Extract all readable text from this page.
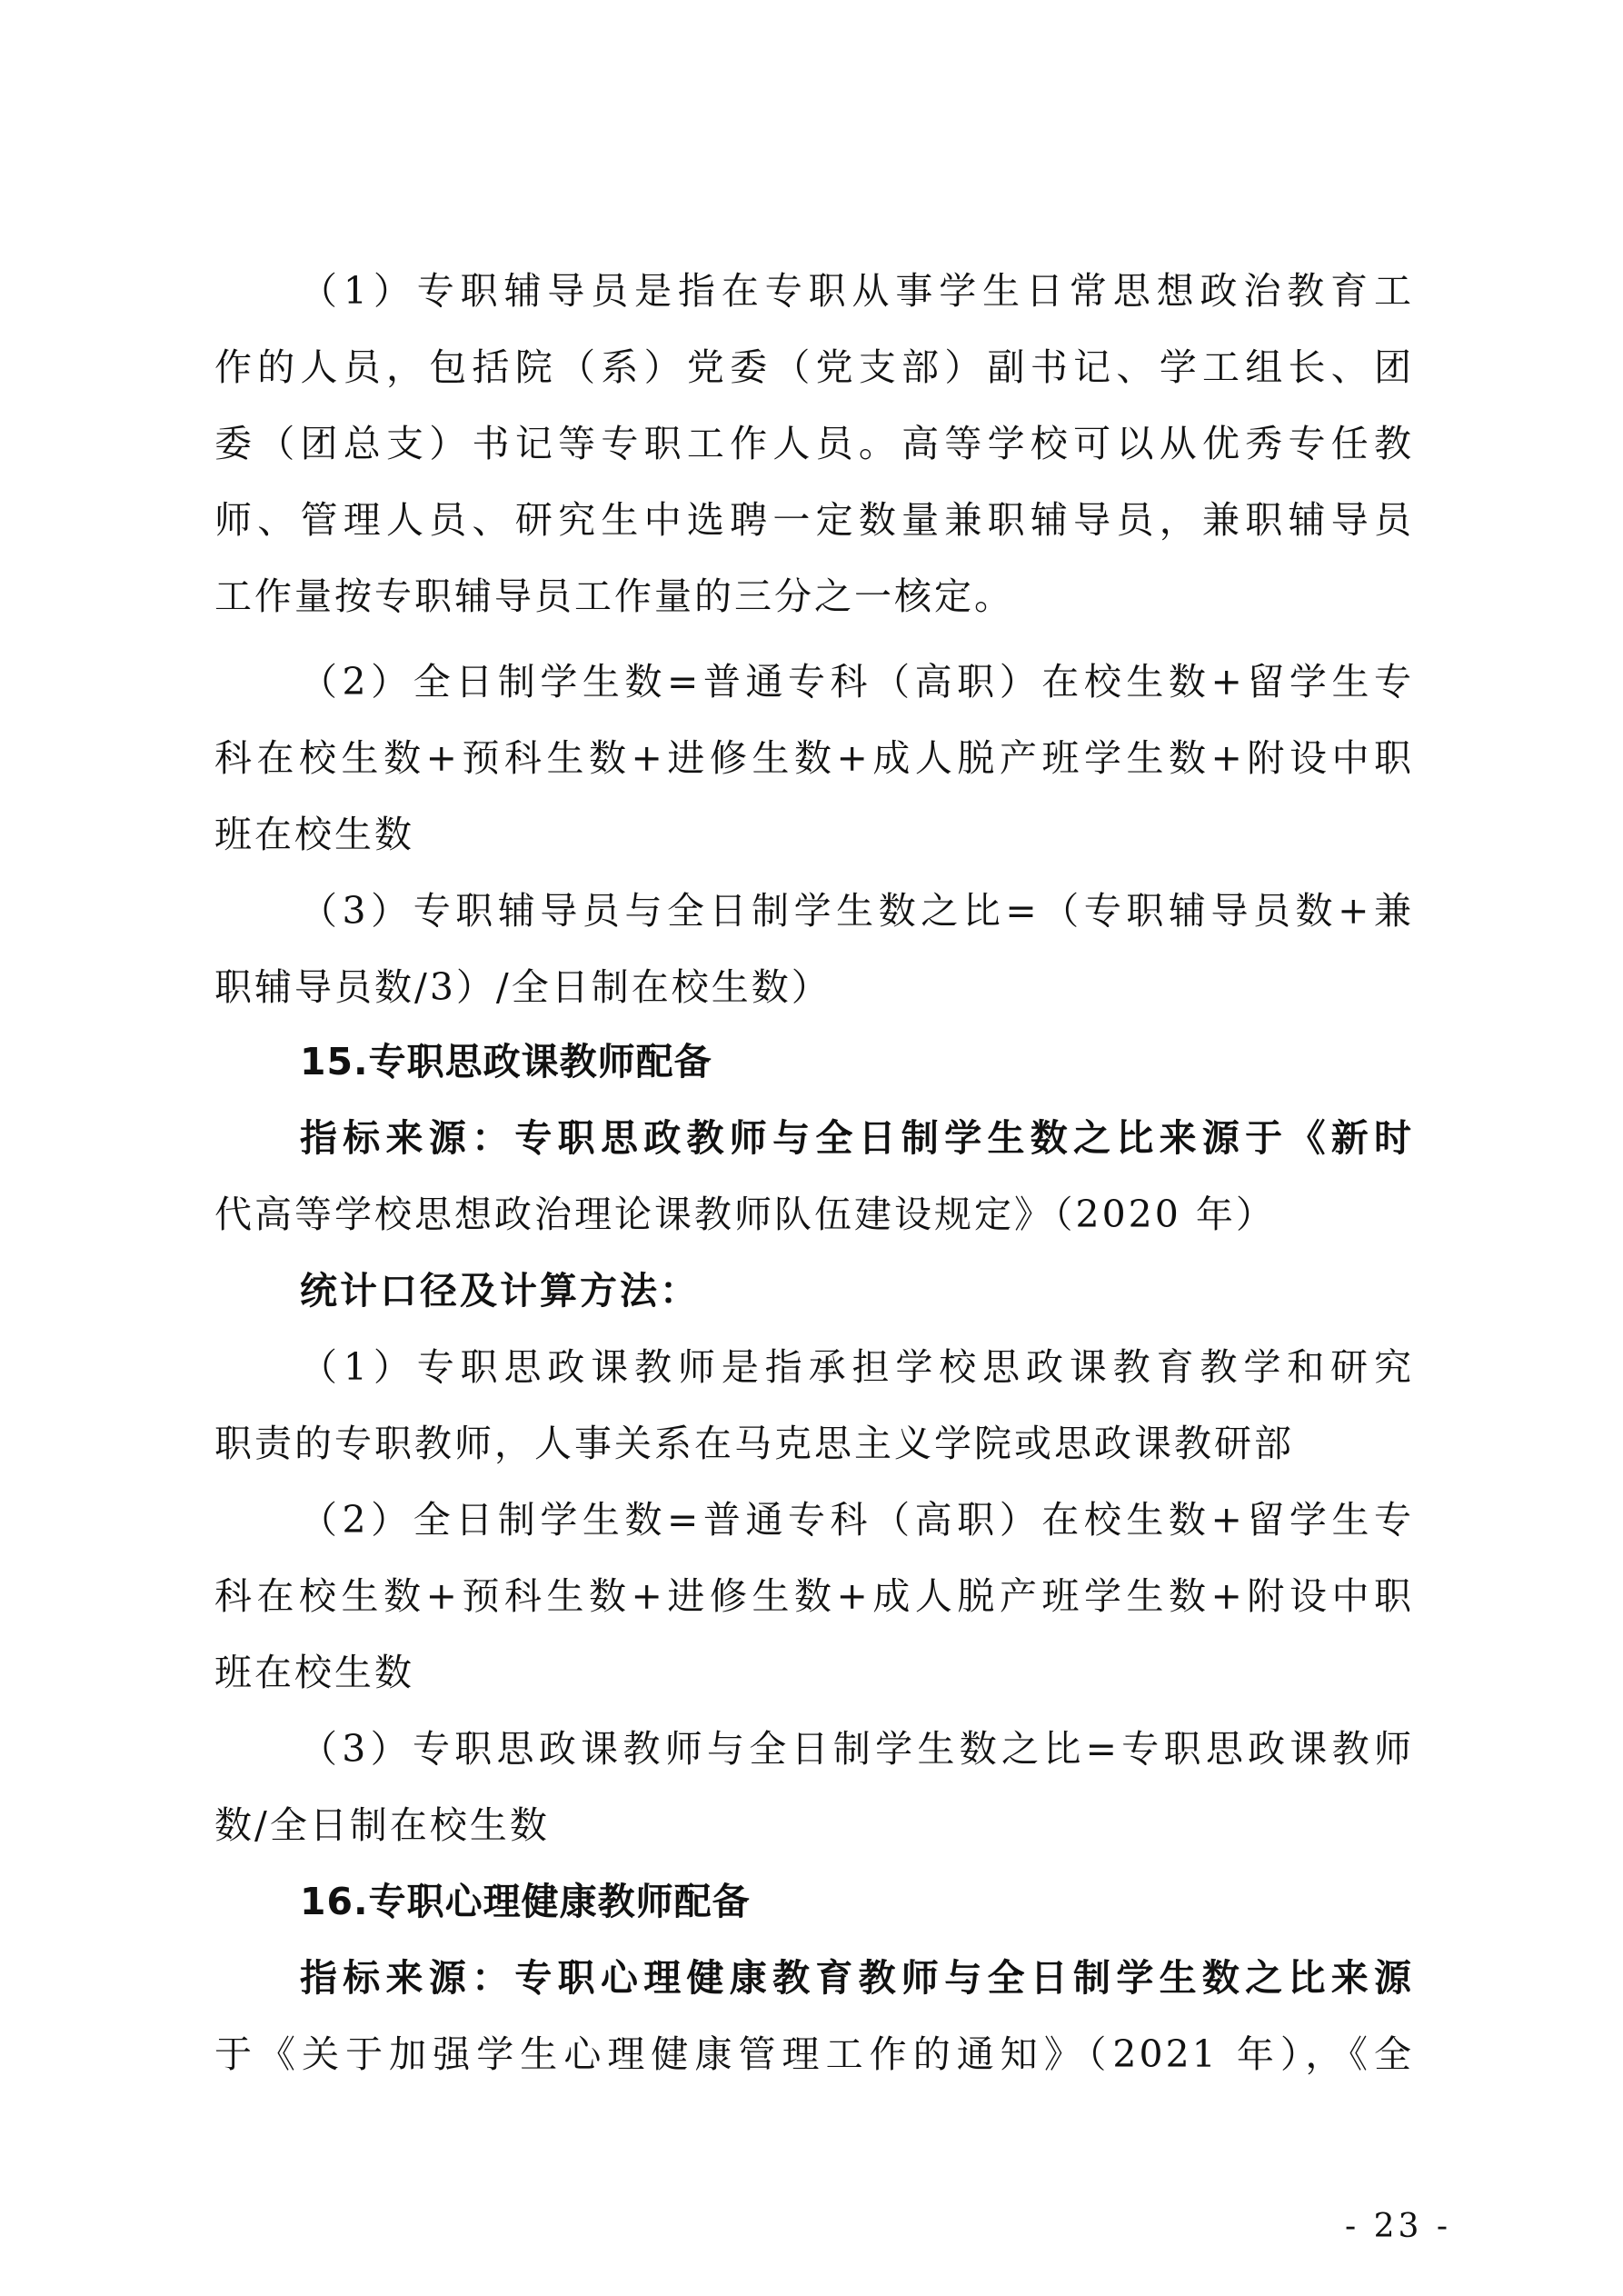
（1）专职辅导员是指在专职从事学生日常思想政治教育工
作的人员，包括院（系）党委（党支部）副书记、学工组长、团
委（团总支）书记等专职工作人员。高等学校可以从优秀专任教
师、管理人员、研究生中选聘一定数量兼职辅导员，兼职辅导员
工作量按专职辅导员工作量的三分之一核定。
（2）全日制学生数=普通专科（高职）在校生数+留学生专
科在校生数+预科生数+进修生数+成人脱产班学生数+附设中职
班在校生数
（3）专职辅导员与全日制学生数之比=（专职辅导员数+兼
职辅导员数/3）/全日制在校生数）
15.专职思政课教师配备
指标来源：专职思政教师与全日制学生数之比来源于《新时
代高等学校思想政治理论课教师队伍建设规定》（2020 年）
统计口径及计算方法：
（1）专职思政课教师是指承担学校思政课教育教学和研究
职责的专职教师，人事关系在马克思主义学院或思政课教研部
（2）全日制学生数=普通专科（高职）在校生数+留学生专
科在校生数+预科生数+进修生数+成人脱产班学生数+附设中职
班在校生数
（3）专职思政课教师与全日制学生数之比=专职思政课教师
数/全日制在校生数
16.专职心理健康教师配备
指标来源：专职心理健康教育教师与全日制学生数之比来源
于《关于加强学生心理健康管理工作的通知》（2021 年），《全
- 23 -
